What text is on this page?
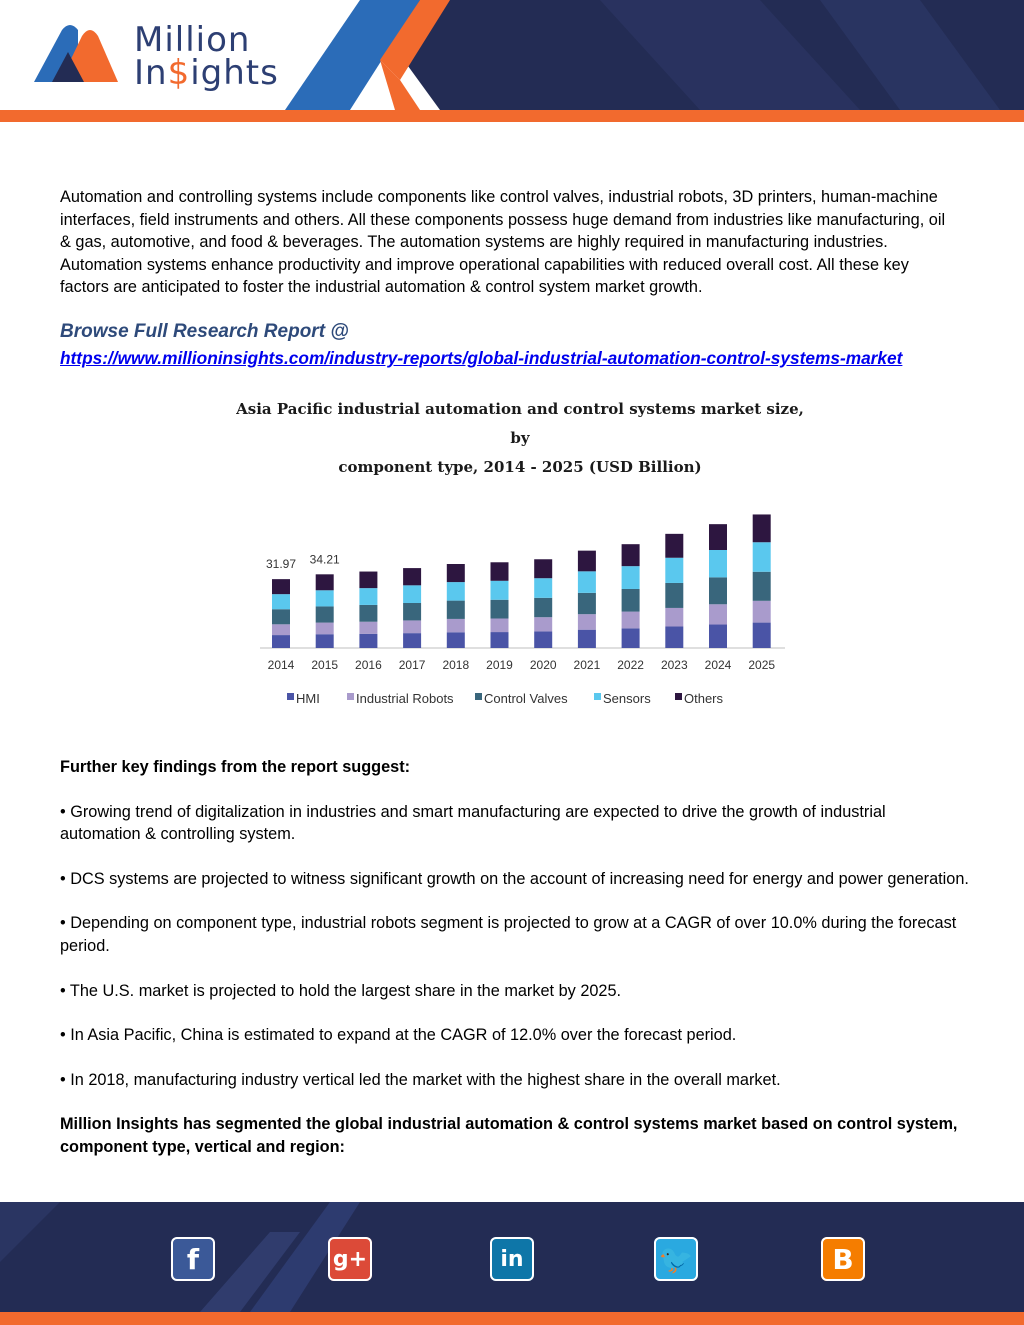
Million
In$ights

Automation and controlling systems include components like control valves, industrial robots, 3D printers, human-machine interfaces, field instruments and others. All these components possess huge demand from industries like manufacturing, oil & gas, automotive, and food & beverages. The automation systems are highly required in manufacturing industries. Automation systems enhance productivity and improve operational capabilities with reduced overall cost. All these key factors are anticipated to foster the industrial automation & control system market growth.

Browse Full Research Report @
https://www.millioninsights.com/industry-reports/global-industrial-automation-control-systems-market
Asia Pacific industrial automation and control systems market size, by
component type, 2014 - 2025 (USD Billion)
2014
31.97
2015
34.21
2016 2017 2018 2019 2020 2021 2022 2023 2024 2025
HMI	Industrial Robots Control Valves	Sensors	Others

Further key findings from the report suggest:

• Growing trend of digitalization in industries and smart manufacturing are expected to drive the growth of industrial automation & controlling system.

• DCS systems are projected to witness significant growth on the account of increasing need for energy and power generation.

• Depending on component type, industrial robots segment is projected to grow at a CAGR of over 10.0% during the forecast period.

• The U.S. market is projected to hold the largest share in the market by 2025.

• In Asia Pacific, China is estimated to expand at the CAGR of 12.0% over the forecast period.

• In 2018, manufacturing industry vertical led the market with the highest share in the overall market.

Million Insights has segmented the global industrial automation & control systems market based on control system, component type, vertical and region:

f	g+	in	🐦	B
